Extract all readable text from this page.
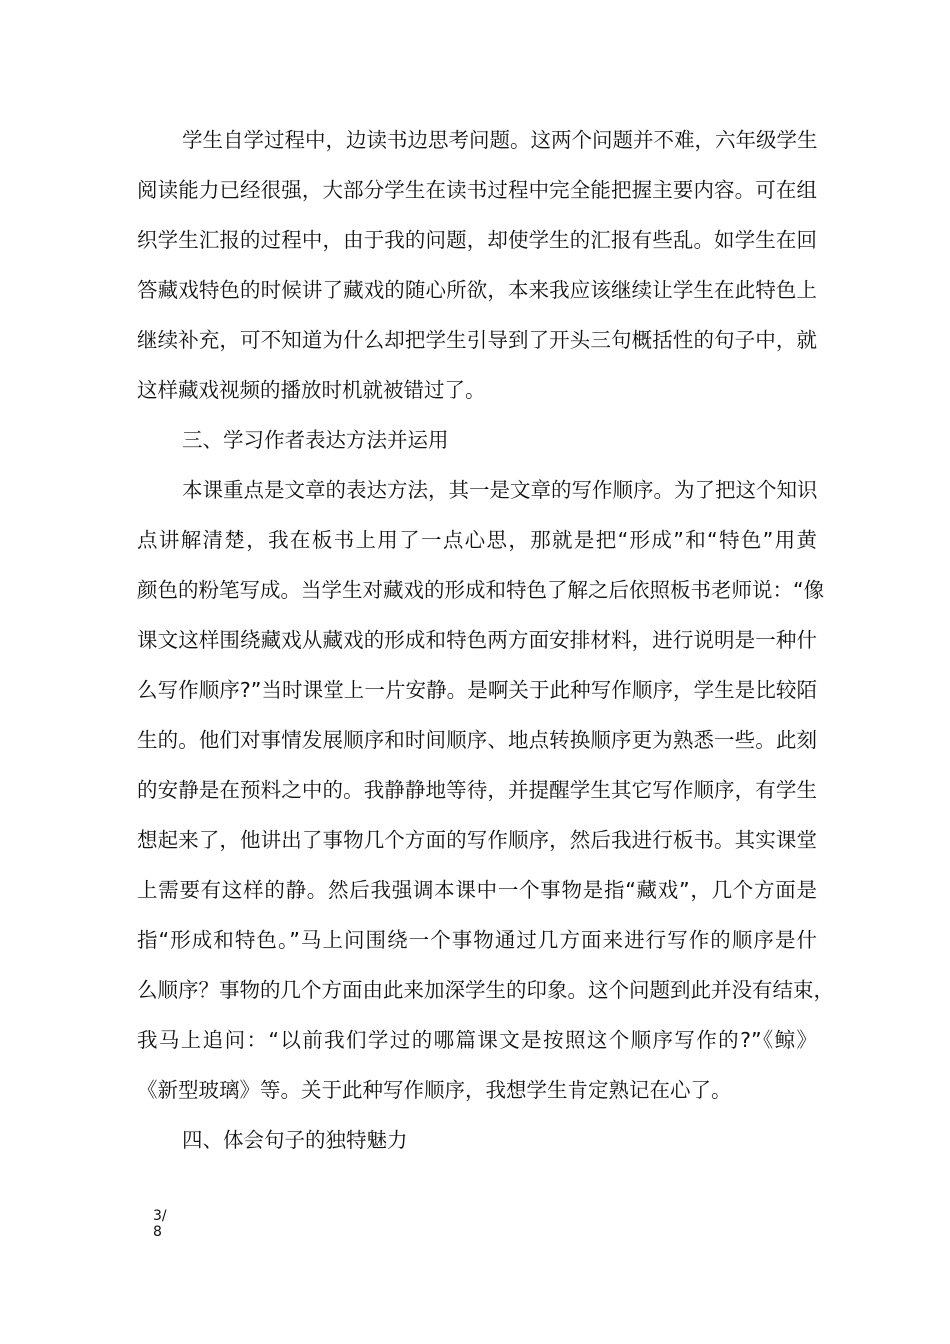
学生自学过程中，边读书边思考问题。这两个问题并不难，六年级学生
阅读能力已经很强，大部分学生在读书过程中完全能把握主要内容。可在组
织学生汇报的过程中，由于我的问题，却使学生的汇报有些乱。如学生在回
答藏戏特色的时候讲了藏戏的随心所欲，本来我应该继续让学生在此特色上
继续补充，可不知道为什么却把学生引导到了开头三句概括性的句子中，就
这样藏戏视频的播放时机就被错过了。
三、学习作者表达方法并运用
本课重点是文章的表达方法，其一是文章的写作顺序。为了把这个知识
点讲解清楚，我在板书上用了一点心思，那就是把“形成”和“特色”用黄
颜色的粉笔写成。当学生对藏戏的形成和特色了解之后依照板书老师说：“像
课文这样围绕藏戏从藏戏的形成和特色两方面安排材料，进行说明是一种什
么写作顺序?”当时课堂上一片安静。是啊关于此种写作顺序，学生是比较陌
生的。他们对事情发展顺序和时间顺序、地点转换顺序更为熟悉一些。此刻
的安静是在预料之中的。我静静地等待，并提醒学生其它写作顺序，有学生
想起来了，他讲出了事物几个方面的写作顺序，然后我进行板书。其实课堂
上需要有这样的静。然后我强调本课中一个事物是指“藏戏”，几个方面是
指“形成和特色。”马上问围绕一个事物通过几方面来进行写作的顺序是什
么顺序？事物的几个方面由此来加深学生的印象。这个问题到此并没有结束，
我马上追问：“以前我们学过的哪篇课文是按照这个顺序写作的?”《鲸》
《新型玻璃》等。关于此种写作顺序，我想学生肯定熟记在心了。
四、体会句子的独特魅力
3/
8
